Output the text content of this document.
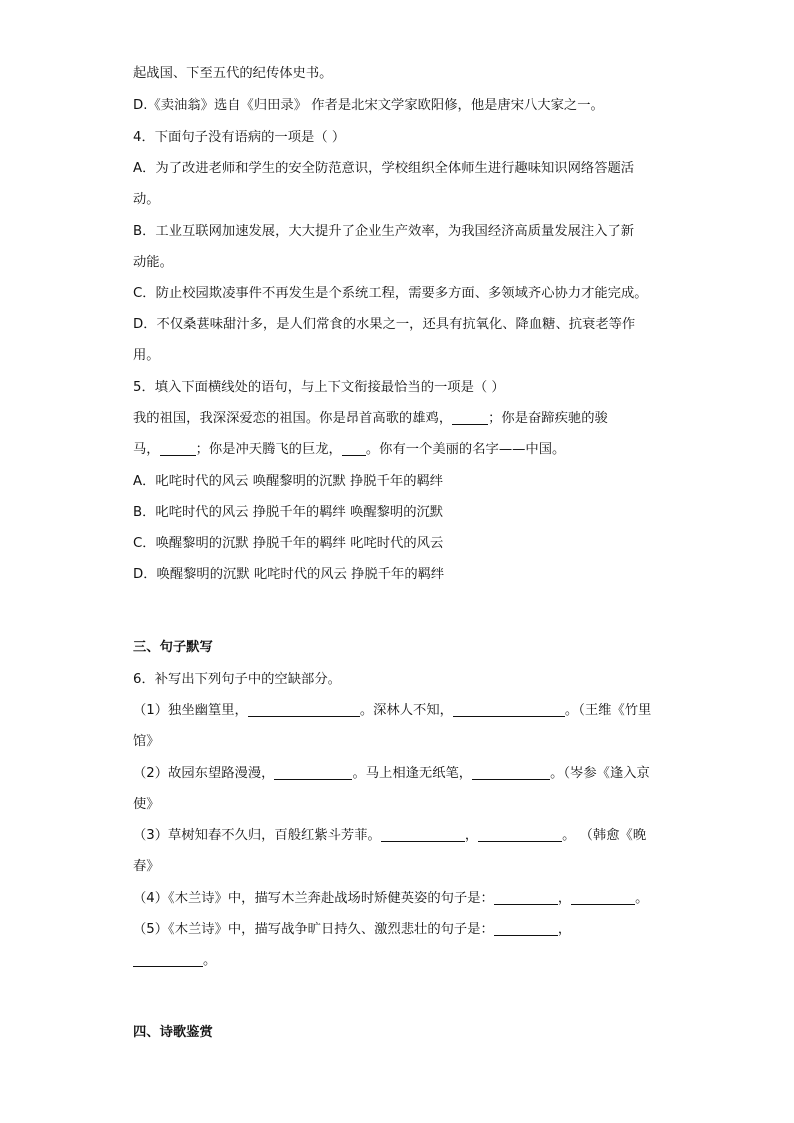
起战国、下至五代的纪传体史书。
D.《卖油翁》选自《归田录》 作者是北宋文学家欧阳修，他是唐宋八大家之一。
4．下面句子没有语病的一项是（ ）
A．为了改进老师和学生的安全防范意识，学校组织全体师生进行趣味知识网络答题活
动。
B．工业互联网加速发展，大大提升了企业生产效率，为我国经济高质量发展注入了新
动能。
C．防止校园欺凌事件不再发生是个系统工程，需要多方面、多领域齐心协力才能完成。
D．不仅桑葚味甜汁多，是人们常食的水果之一，还具有抗氧化、降血糖、抗衰老等作
用。
5．填入下面横线处的语句，与上下文衔接最恰当的一项是（ ）
我的祖国，我深深爱恋的祖国。你是昂首高歌的雄鸡，	；你是奋蹄疾驰的骏
马，	；你是冲天腾飞的巨龙， 。你有一个美丽的名字——中国。
A．叱咤时代的风云 唤醒黎明的沉默 挣脱千年的羁绊
B．叱咤时代的风云 挣脱千年的羁绊 唤醒黎明的沉默
C．唤醒黎明的沉默 挣脱千年的羁绊 叱咤时代的风云
D．唤醒黎明的沉默 叱咤时代的风云 挣脱千年的羁绊
三、句子默写
6．补写出下列句子中的空缺部分。
（1）独坐幽篁里，	。深林人不知，	。（王维《竹里
馆》
（2）故园东望路漫漫，	。马上相逢无纸笔，	。（岑参《逢入京
使》
（3）草树知春不久归，百般红紫斗芳菲。	，	。 （韩愈《晚
春》
（4）《木兰诗》中，描写木兰奔赴战场时矫健英姿的句子是：	，	。
（5）《木兰诗》中，描写战争旷日持久、激烈悲壮的句子是：	，
。
四、诗歌鉴赏
